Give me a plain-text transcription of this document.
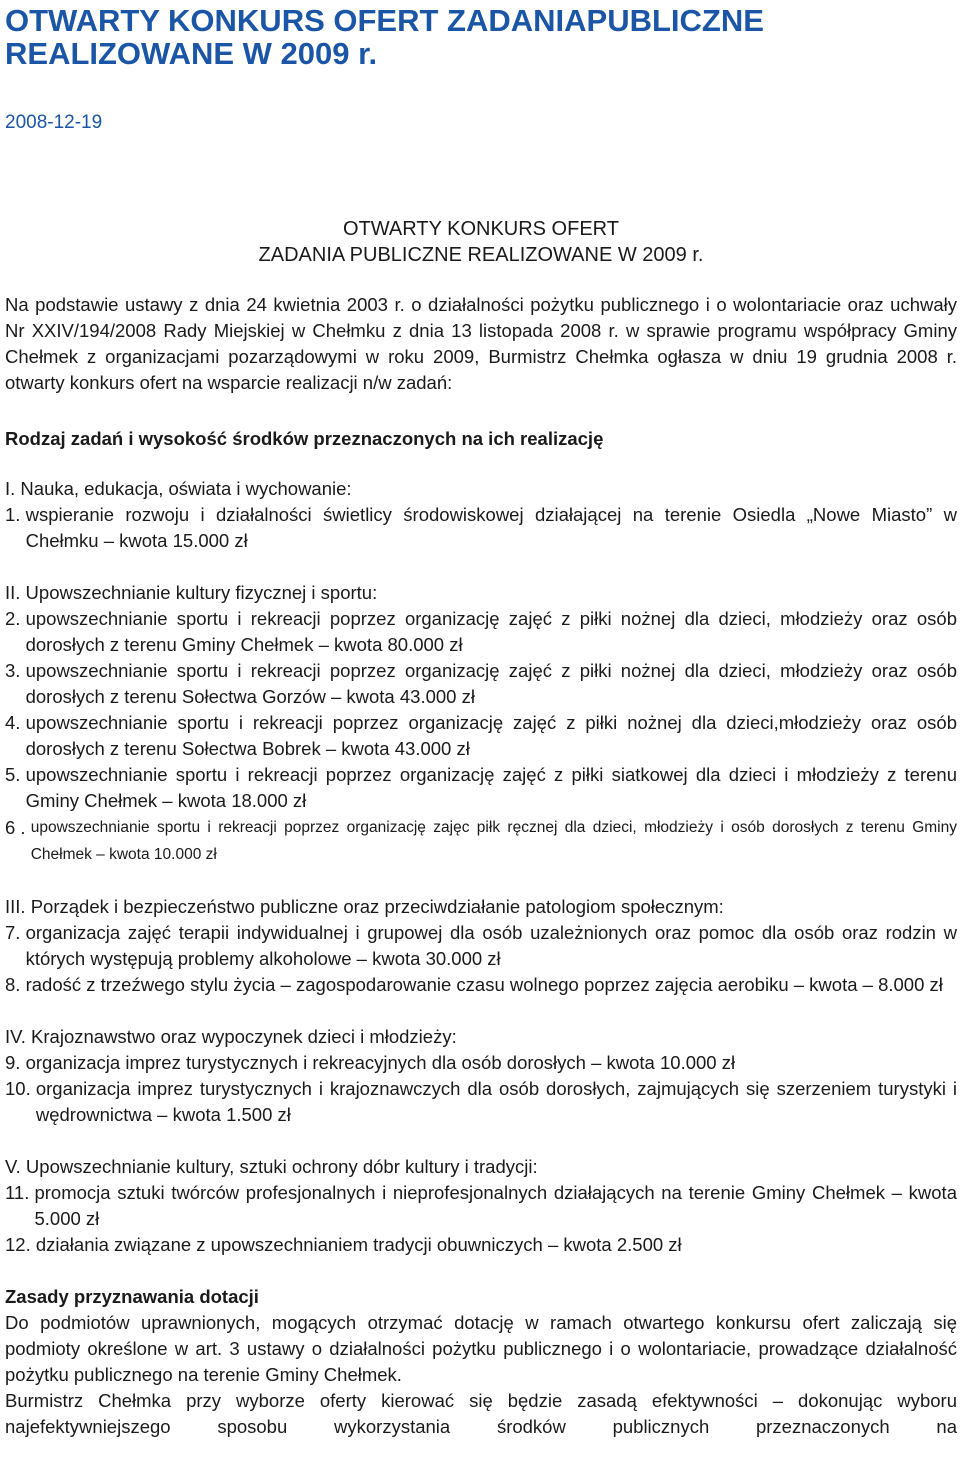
OTWARTY KONKURS OFERT ZADANIAPUBLICZNE REALIZOWANE W 2009 r.
2008-12-19
OTWARTY KONKURS OFERT
ZADANIA PUBLICZNE REALIZOWANE W 2009 r.

Na podstawie ustawy z dnia 24 kwietnia 2003 r. o działalności pożytku publicznego i o wolontariacie oraz uchwały Nr XXIV/194/2008 Rady Miejskiej w Chełmku z dnia 13 listopada 2008 r. w sprawie programu współpracy Gminy Chełmek z organizacjami pozarządowymi w roku 2009, Burmistrz Chełmka ogłasza w dniu 19 grudnia 2008 r. otwarty konkurs ofert na wsparcie realizacji n/w zadań:

Rodzaj zadań i wysokość środków przeznaczonych na ich realizację
I. Nauka, edukacja, oświata i wychowanie:
1. wspieranie rozwoju i działalności świetlicy środowiskowej działającej na terenie Osiedla „Nowe Miasto” w Chełmku – kwota 15.000 zł
II. Upowszechnianie kultury fizycznej i sportu:
2. upowszechnianie sportu i rekreacji poprzez organizację zajęć z piłki nożnej dla dzieci, młodzieży oraz osób dorosłych z terenu Gminy Chełmek – kwota 80.000 zł
3. upowszechnianie sportu i rekreacji poprzez organizację zajęć z piłki nożnej dla dzieci, młodzieży oraz osób dorosłych z terenu Sołectwa Gorzów – kwota 43.000 zł
4. upowszechnianie sportu i rekreacji poprzez organizację zajęć z piłki nożnej dla dzieci,młodzieży oraz osób dorosłych z terenu Sołectwa Bobrek – kwota 43.000 zł
5. upowszechnianie sportu i rekreacji poprzez organizację zajęć z piłki siatkowej dla dzieci i młodzieży z terenu Gminy Chełmek – kwota 18.000 zł
6 . upowszechnianie sportu i rekreacji poprzez organizację zajęc piłk ręcznej dla dzieci, młodzieży i osób dorosłych z terenu Gminy Chełmek – kwota 10.000 zł
III. Porządek i bezpieczeństwo publiczne oraz przeciwdziałanie patologiom społecznym:
7. organizacja zajęć terapii indywidualnej i grupowej dla osób uzależnionych oraz pomoc dla osób oraz rodzin w których występują problemy alkoholowe – kwota 30.000 zł
8. radość z trzeźwego stylu życia – zagospodarowanie czasu wolnego poprzez zajęcia aerobiku – kwota – 8.000 zł
IV. Krajoznawstwo oraz wypoczynek dzieci i młodzieży:
9. organizacja imprez turystycznych i rekreacyjnych dla osób dorosłych – kwota 10.000 zł
10. organizacja imprez turystycznych i krajoznawczych dla osób dorosłych, zajmujących się szerzeniem turystyki i wędrownictwa – kwota 1.500 zł
V. Upowszechnianie kultury, sztuki ochrony dóbr kultury i tradycji:
11. promocja sztuki twórców profesjonalnych i nieprofesjonalnych działających na terenie Gminy Chełmek – kwota 5.000 zł
12. działania związane z upowszechnianiem tradycji obuwniczych – kwota 2.500 zł
Zasady przyznawania dotacji

Do podmiotów uprawnionych, mogących otrzymać dotację w ramach otwartego konkursu ofert zaliczają się podmioty określone w art. 3 ustawy o działalności pożytku publicznego i o wolontariacie, prowadzące działalność pożytku publicznego na terenie Gminy Chełmek.

Burmistrz Chełmka przy wyborze oferty kierować się będzie zasadą efektywności – dokonując wyboru najefektywniejszego sposobu wykorzystania środków publicznych przeznaczonych na
